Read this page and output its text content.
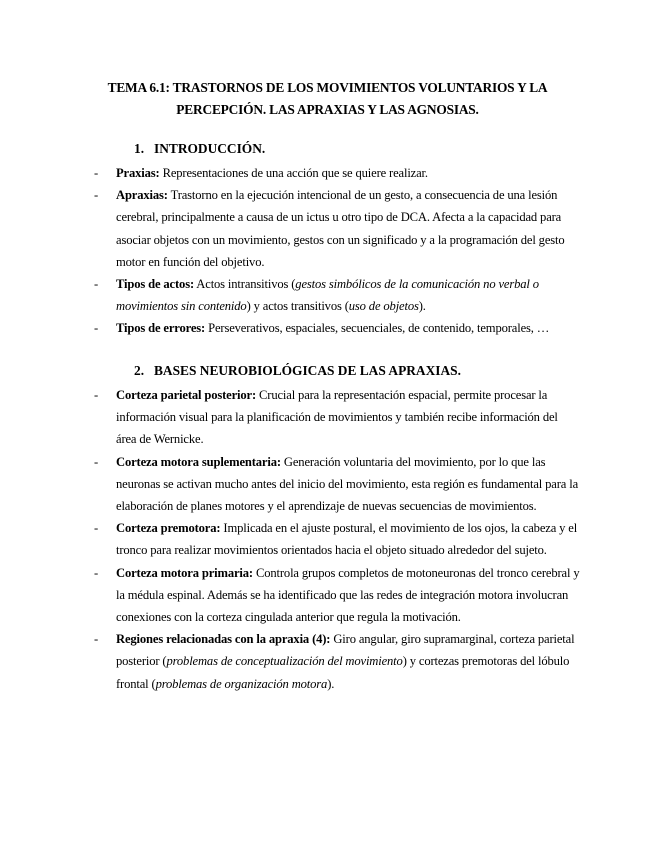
TEMA 6.1: TRASTORNOS DE LOS MOVIMIENTOS VOLUNTARIOS Y LA
PERCEPCIÓN. LAS APRAXIAS Y LAS AGNOSIAS.
1. INTRODUCCIÓN.
- Praxias: Representaciones de una acción que se quiere realizar.
- Apraxias: Trastorno en la ejecución intencional de un gesto, a consecuencia de una lesión cerebral, principalmente a causa de un ictus u otro tipo de DCA. Afecta a la capacidad para asociar objetos con un movimiento, gestos con un significado y a la programación del gesto motor en función del objetivo.
- Tipos de actos: Actos intransitivos (gestos simbólicos de la comunicación no verbal o movimientos sin contenido) y actos transitivos (uso de objetos).
- Tipos de errores: Perseverativos, espaciales, secuenciales, de contenido, temporales, …
2. BASES NEUROBIOLÓGICAS DE LAS APRAXIAS.
- Corteza parietal posterior: Crucial para la representación espacial, permite procesar la información visual para la planificación de movimientos y también recibe información del área de Wernicke.
- Corteza motora suplementaria: Generación voluntaria del movimiento, por lo que las neuronas se activan mucho antes del inicio del movimiento, esta región es fundamental para la elaboración de planes motores y el aprendizaje de nuevas secuencias de movimientos.
- Corteza premotora: Implicada en el ajuste postural, el movimiento de los ojos, la cabeza y el tronco para realizar movimientos orientados hacia el objeto situado alrededor del sujeto.
- Corteza motora primaria: Controla grupos completos de motoneuronas del tronco cerebral y la médula espinal. Además se ha identificado que las redes de integración motora involucran conexiones con la corteza cingulada anterior que regula la motivación.
- Regiones relacionadas con la apraxia (4): Giro angular, giro supramarginal, corteza parietal posterior (problemas de conceptualización del movimiento) y cortezas premotoras del lóbulo frontal (problemas de organización motora).
